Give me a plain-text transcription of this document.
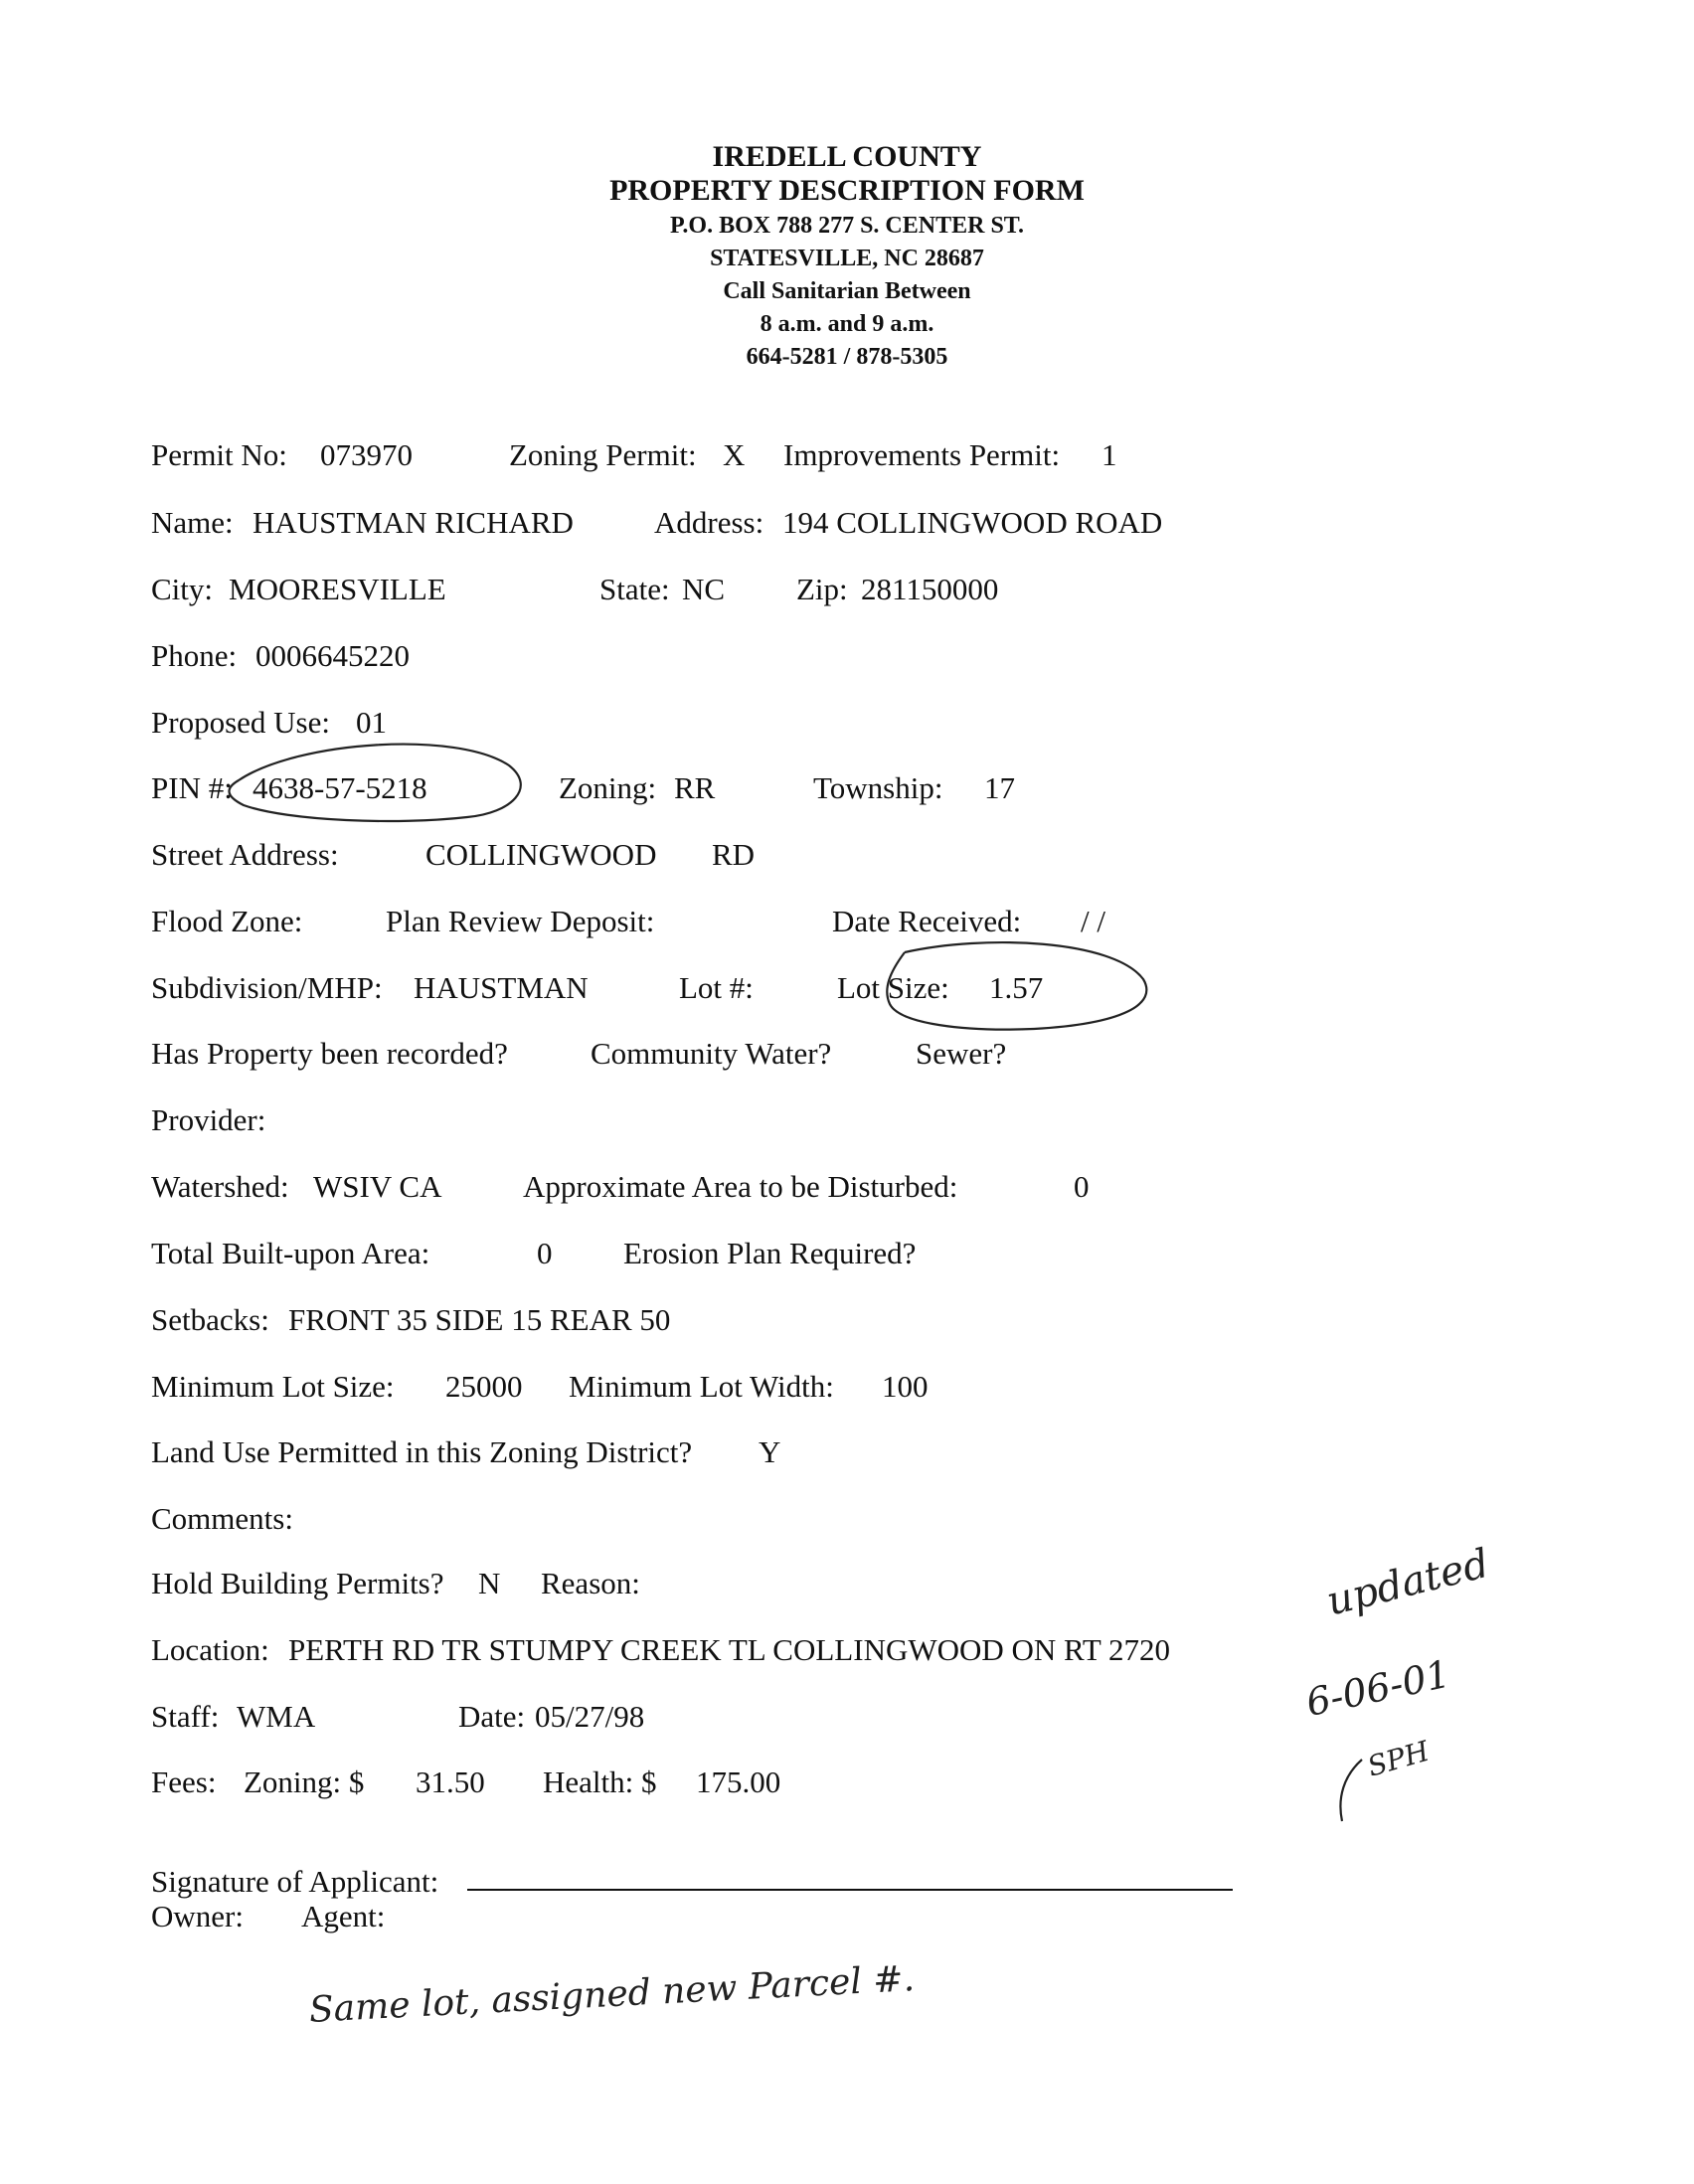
IREDELL COUNTY
PROPERTY DESCRIPTION FORM
P.O. BOX 788 277 S. CENTER ST.
STATESVILLE, NC 28687
Call Sanitarian Between
8 a.m. and 9 a.m.
664-5281 / 878-5305
Permit No: 073970	Zoning Permit: X Improvements Permit: 1
Name: HAUSTMAN RICHARD	Address: 194 COLLINGWOOD ROAD
City: MOORESVILLE	State: NC Zip: 281150000
Phone: 0006645220
Proposed Use: 01
PIN #: 4638-57-5218	Zoning: RR	Township: 17
Street Address:	COLLINGWOOD RD
Flood Zone:	Plan Review Deposit:	Date Received: / /
Subdivision/MHP: HAUSTMAN	Lot #:	Lot Size: 1.57
Has Property been recorded?	Community Water?	Sewer?
Provider:
Watershed: WSIV CA	Approximate Area to be Disturbed:	0
Total Built-upon Area:	0 Erosion Plan Required?
Setbacks: FRONT 35 SIDE 15 REAR 50
Minimum Lot Size: 25000 Minimum Lot Width: 100
Land Use Permitted in this Zoning District? Y
Comments:
Hold Building Permits? N Reason:
Location: PERTH RD TR STUMPY CREEK TL COLLINGWOOD ON RT 2720
Staff: WMA	Date: 05/27/98
Fees: Zoning: $ 31.50 Health: $ 175.00
Signature of Applicant:
Owner: Agent:
updated
6-06-01
SPH
Same lot, assigned new Parcel #.
